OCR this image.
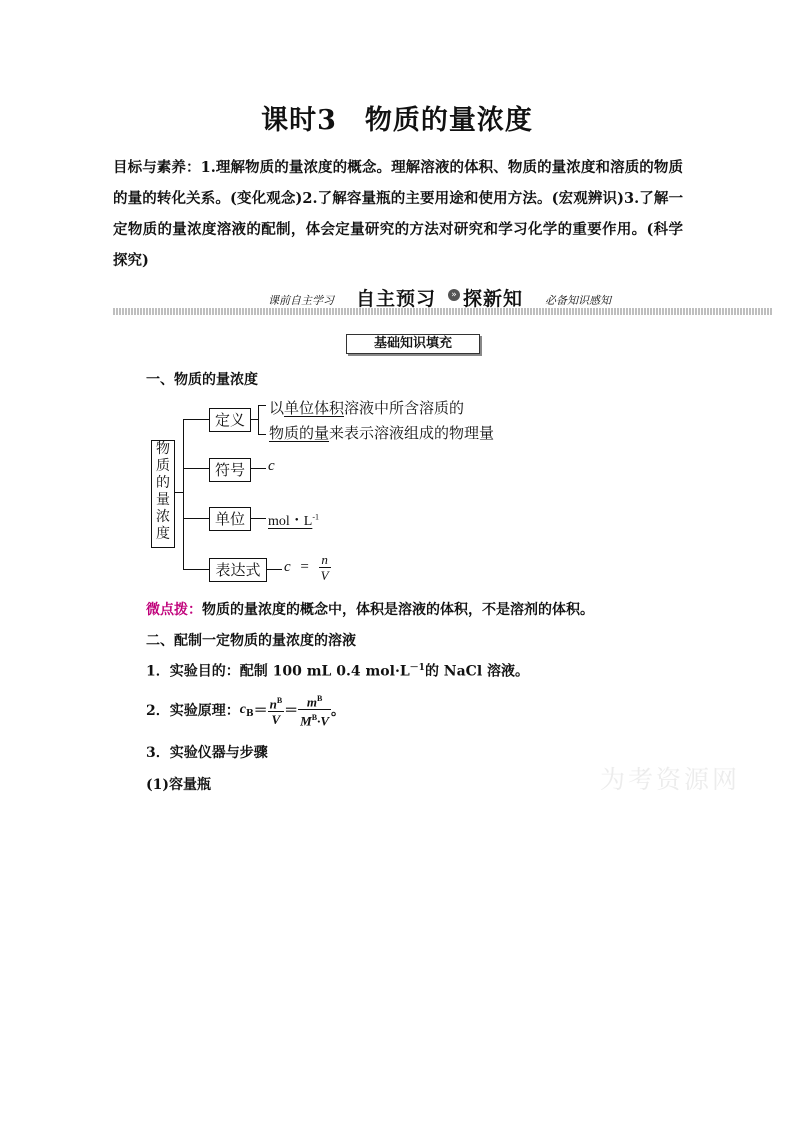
课时3　物质的量浓度
目标与素养：1.理解物质的量浓度的概念。理解溶液的体积、物质的量浓度和溶质的物质的量的转化关系。(变化观念)2.了解容量瓶的主要用途和使用方法。(宏观辨识)3.了解一定物质的量浓度溶液的配制，体会定量研究的方法对研究和学习化学的重要作用。(科学探究)
课前自主学习 自主预习	» 探新知 必备知识感知
基础知识填充
一、物质的量浓度
物
质
的
量
浓
度
定义
以单位体积溶液中所含溶质的
物质的量来表示溶液组成的物理量
符号	c
单位	mol・$L^{-1}$
表达式	$c = \frac{n}{V}$
微点拨：物质的量浓度的概念中，体积是溶液的体积，不是溶剂的体积。
二、配制一定物质的量浓度的溶液
1．实验目的：配制 100 mL 0.4 $mol\cdot L^{-1}$的 NaCl 溶液。
2．实验原理：$c_B= \frac{n^B}{V} = \frac{m^B}{M^B\cdot V}$ 。
3．实验仪器与步骤
(1)容量瓶	为考资源网
